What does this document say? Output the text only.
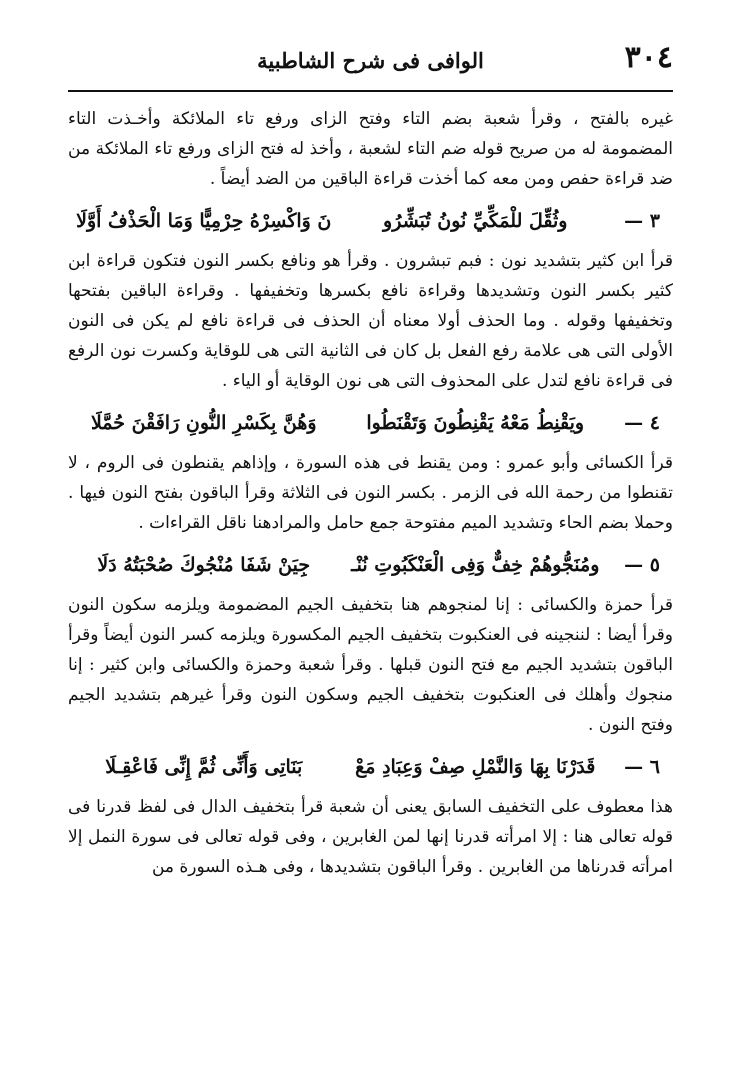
٣٠٤
الوافى فى شرح الشاطبية

غيره بالفتح ، وقرأ شعبة بضم التاء وفتح الزاى ورفع تاء الملائكة وأخـذت التاء المضمومة له من صريح قوله ضم التاء لشعبة ، وأخذ له فتح الزاى ورفع تاء الملائكة من ضد قراءة حفص ومن معه كما أخذت قراءة الباقين من الضد أيضاً .

٣ —
وثُقِّلَ للْمَكِّيِّ نُونُ تُبَشِّرُو
نَ وَاكْسِرْهُ حِرْمِيًّا وَمَا الْحَذْفُ أَوَّلَا

قرأ ابن كثير بتشديد نون : فبم تبشرون . وقرأ هو ونافع بكسر النون فتكون قراءة ابن كثير بكسر النون وتشديدها وقراءة نافع بكسرها وتخفيفها . وقراءة الباقين بفتحها وتخفيفها وقوله . وما الحذف أولا معناه أن الحذف فى قراءة نافع لم يكن فى النون الأولى التى هى علامة رفع الفعل بل كان فى الثانية التى هى للوقاية وكسرت نون الرفع فى قراءة نافع لتدل على المحذوف التى هى نون الوقاية أو الياء .

٤ —
ويَقْنِطُ مَعْهُ يَقْنِطُونَ وَتَقْنَطُوا
وَهُنَّ بِكَسْرِ النُّونِ رَافَقْنَ حُمَّلَا

قرأ الكسائى وأبو عمرو : ومن يقنط فى هذه السورة ، وإذاهم يقنطون فى الروم ، لا تقنطوا من رحمة الله فى الزمر . بكسر النون فى الثلاثة وقرأ الباقون بفتح النون فيها . وحملا بضم الحاء وتشديد الميم مفتوحة جمع حامل والمرادهنا ناقل القراءات .

٥ —
ومُنَجُّوهُمْ خِفٌّ وَفِى الْعَنْكَبُوتِ نُنْـ
جِيَنْ شَفَا مُنْجُوكَ صُحْبَتُهُ دَلَا

قرأ حمزة والكسائى : إنا لمنجوهم هنا بتخفيف الجيم المضمومة ويلزمه سكون النون وقرأ أيضا : لننجينه فى العنكبوت بتخفيف الجيم المكسورة ويلزمه كسر النون أيضاً وقرأ الباقون بتشديد الجيم مع فتح النون قبلها . وقرأ شعبة وحمزة والكسائى وابن كثير : إنا منجوك وأهلك فى العنكبوت بتخفيف الجيم وسكون النون وقرأ غيرهم بتشديد الجيم وفتح النون .

٦ —
قَدَرْنَا بِهَا وَالنَّمْلِ صِفْ وَعِبَادِ مَعْ
بَنَاتِى وَأَنِّى ثُمَّ إِنِّى فَاعْقِـلَا

هذا معطوف على التخفيف السابق يعنى أن شعبة قرأ بتخفيف الدال فى لفظ قدرنا فى قوله تعالى هنا : إلا امرأته قدرنا إنها لمن الغابرين ، وفى قوله تعالى فى سورة النمل إلا امرأته قدرناها من الغابرين . وقرأ الباقون بتشديدها ، وفى هـذه السورة من
